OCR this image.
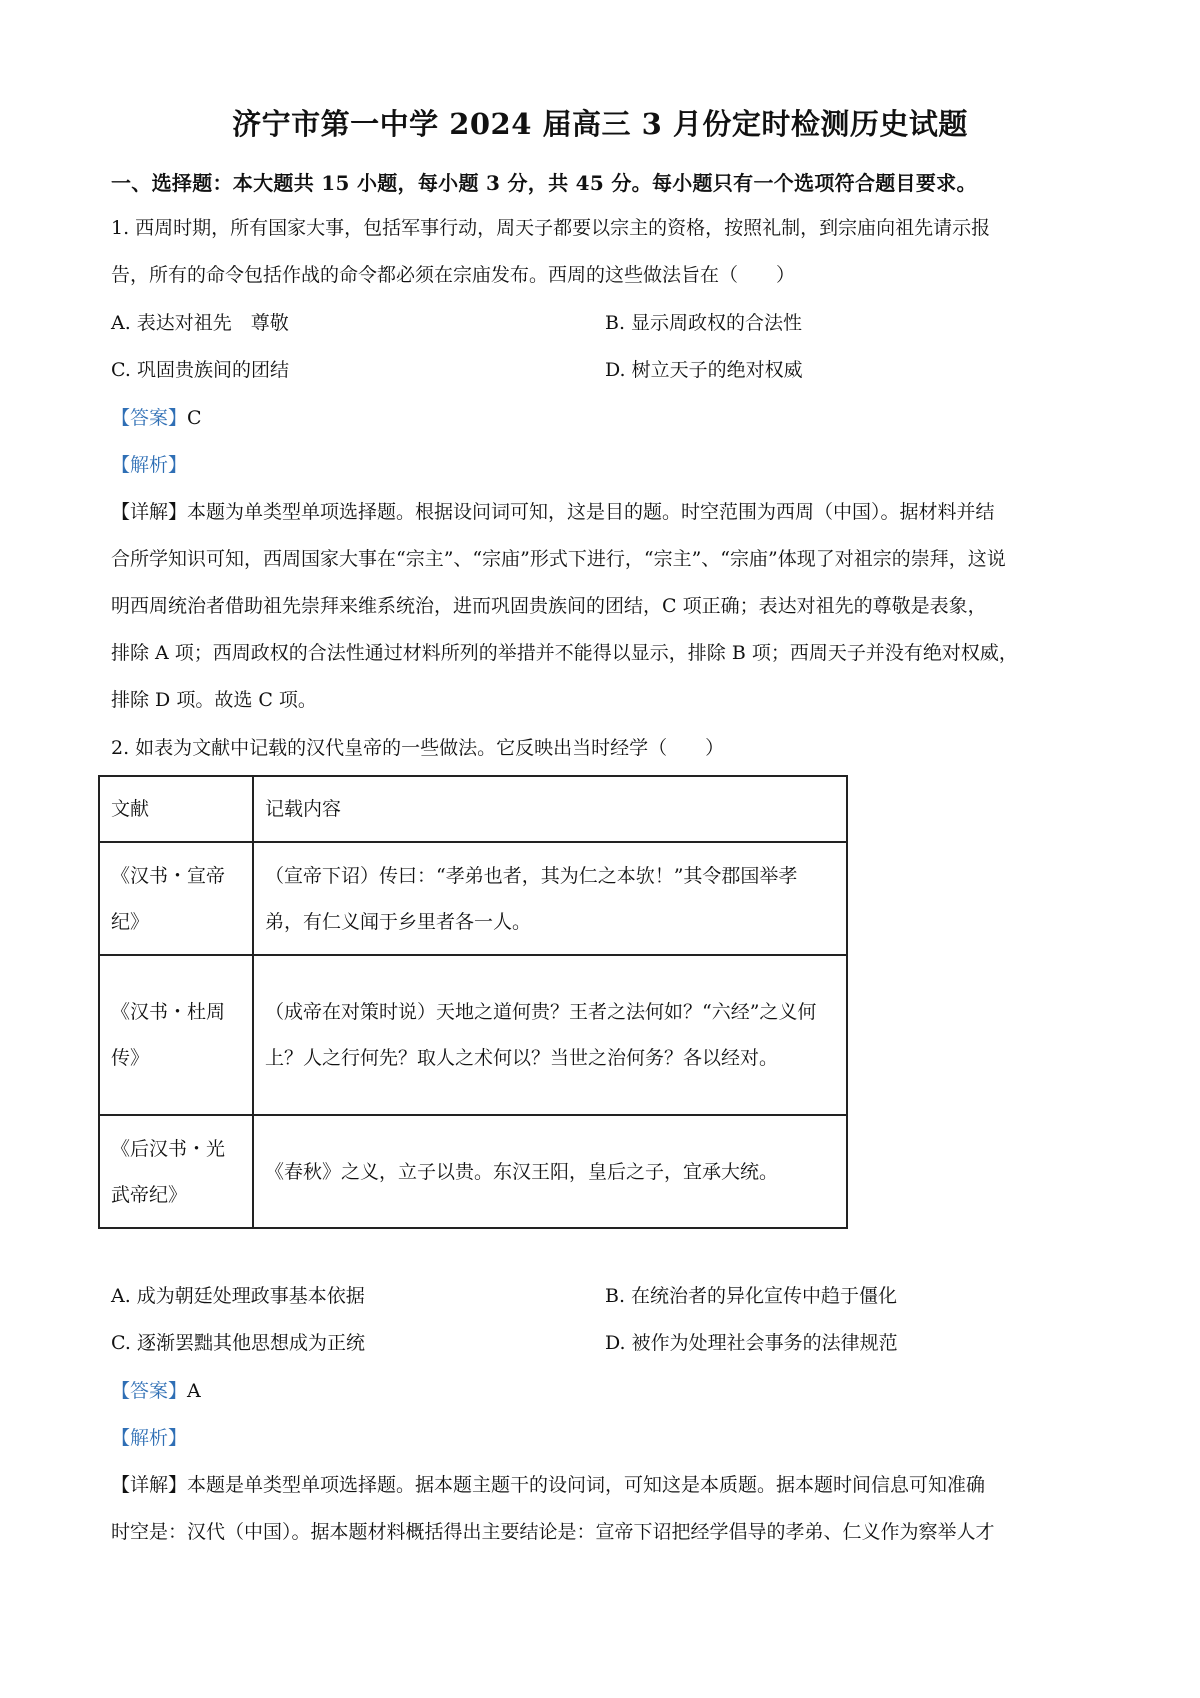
济宁市第一中学 2024 届高三 3 月份定时检测历史试题
一、选择题：本大题共 15 小题，每小题 3 分，共 45 分。每小题只有一个选项符合题目要求。
1. 西周时期，所有国家大事，包括军事行动，周天子都要以宗主的资格，按照礼制，到宗庙向祖先请示报
告，所有的命令包括作战的命令都必须在宗庙发布。西周的这些做法旨在（　　）
A. 表达对祖先　尊敬	B. 显示周政权的合法性
C. 巩固贵族间的团结	D. 树立天子的绝对权威
【答案】C
【解析】
【详解】本题为单类型单项选择题。根据设问词可知，这是目的题。时空范围为西周（中国）。据材料并结
合所学知识可知，西周国家大事在“宗主”、“宗庙”形式下进行，“宗主”、“宗庙”体现了对祖宗的崇拜，这说
明西周统治者借助祖先崇拜来维系统治，进而巩固贵族间的团结，C 项正确；表达对祖先的尊敬是表象，
排除 A 项；西周政权的合法性通过材料所列的举措并不能得以显示，排除 B 项；西周天子并没有绝对权威，
排除 D 项。故选 C 项。
2. 如表为文献中记载的汉代皇帝的一些做法。它反映出当时经学（　　）
文献	记载内容
《汉书・宣帝纪》	（宣帝下诏）传曰：“孝弟也者，其为仁之本欤！”其令郡国举孝弟，有仁义闻于乡里者各一人。
《汉书・杜周传》	（成帝在对策时说）天地之道何贵？王者之法何如？“六经”之义何上？人之行何先？取人之术何以？当世之治何务？各以经对。
《后汉书・光武帝纪》	《春秋》之义，立子以贵。东汉王阳，皇后之子，宜承大统。
A. 成为朝廷处理政事基本依据	B. 在统治者的异化宣传中趋于僵化
C. 逐渐罢黜其他思想成为正统	D. 被作为处理社会事务的法律规范
【答案】A
【解析】
【详解】本题是单类型单项选择题。据本题主题干的设问词，可知这是本质题。据本题时间信息可知准确
时空是：汉代（中国）。据本题材料概括得出主要结论是：宣帝下诏把经学倡导的孝弟、仁义作为察举人才
